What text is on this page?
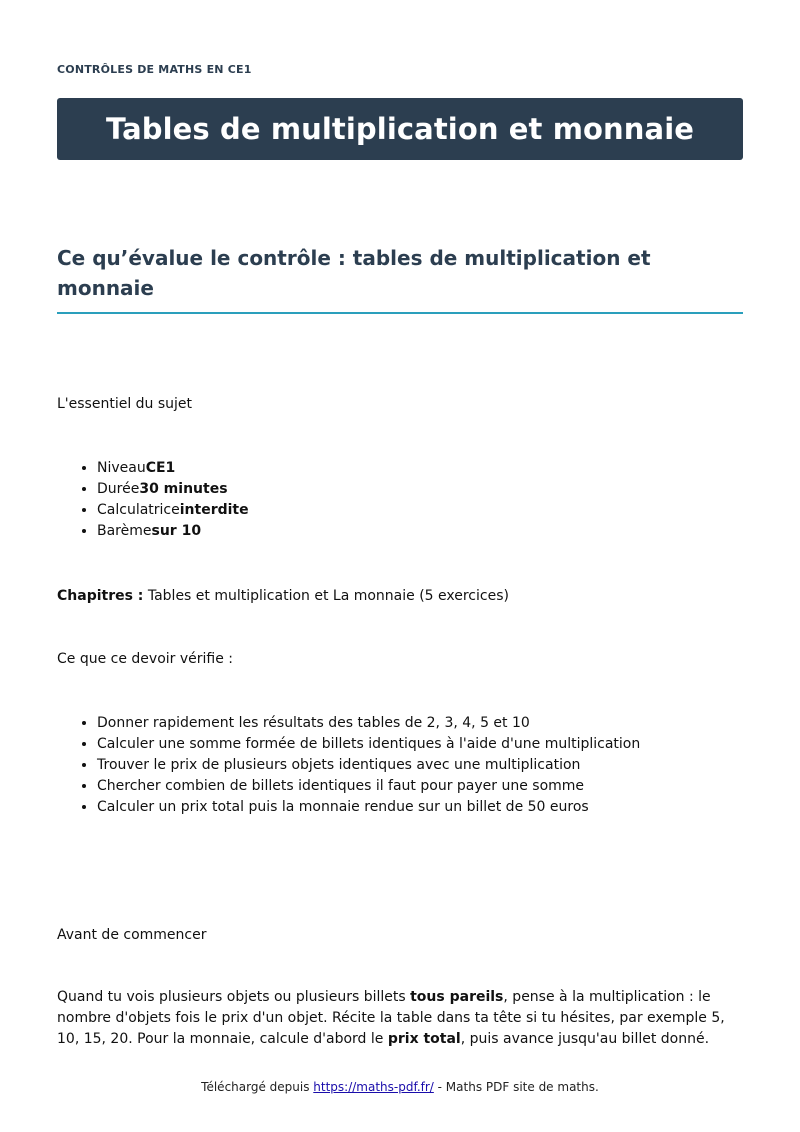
CONTRÔLES DE MATHS EN CE1
Tables de multiplication et monnaie
Ce qu’évalue le contrôle : tables de multiplication et monnaie

L'essentiel du sujet

• NiveauCE1
• Durée30 minutes
• Calculatriceinterdite
• Barèmesur 10

Chapitres : Tables et multiplication et La monnaie (5 exercices)

Ce que ce devoir vérifie :

• Donner rapidement les résultats des tables de 2, 3, 4, 5 et 10
• Calculer une somme formée de billets identiques à l'aide d'une multiplication
• Trouver le prix de plusieurs objets identiques avec une multiplication
• Chercher combien de billets identiques il faut pour payer une somme
• Calculer un prix total puis la monnaie rendue sur un billet de 50 euros

Avant de commencer

Quand tu vois plusieurs objets ou plusieurs billets tous pareils, pense à la multiplication : le nombre d'objets fois le prix d'un objet. Récite la table dans ta tête si tu hésites, par exemple 5, 10, 15, 20. Pour la monnaie, calcule d'abord le prix total, puis avance jusqu'au billet donné.

Téléchargé depuis https://maths-pdf.fr/ - Maths PDF site de maths.
